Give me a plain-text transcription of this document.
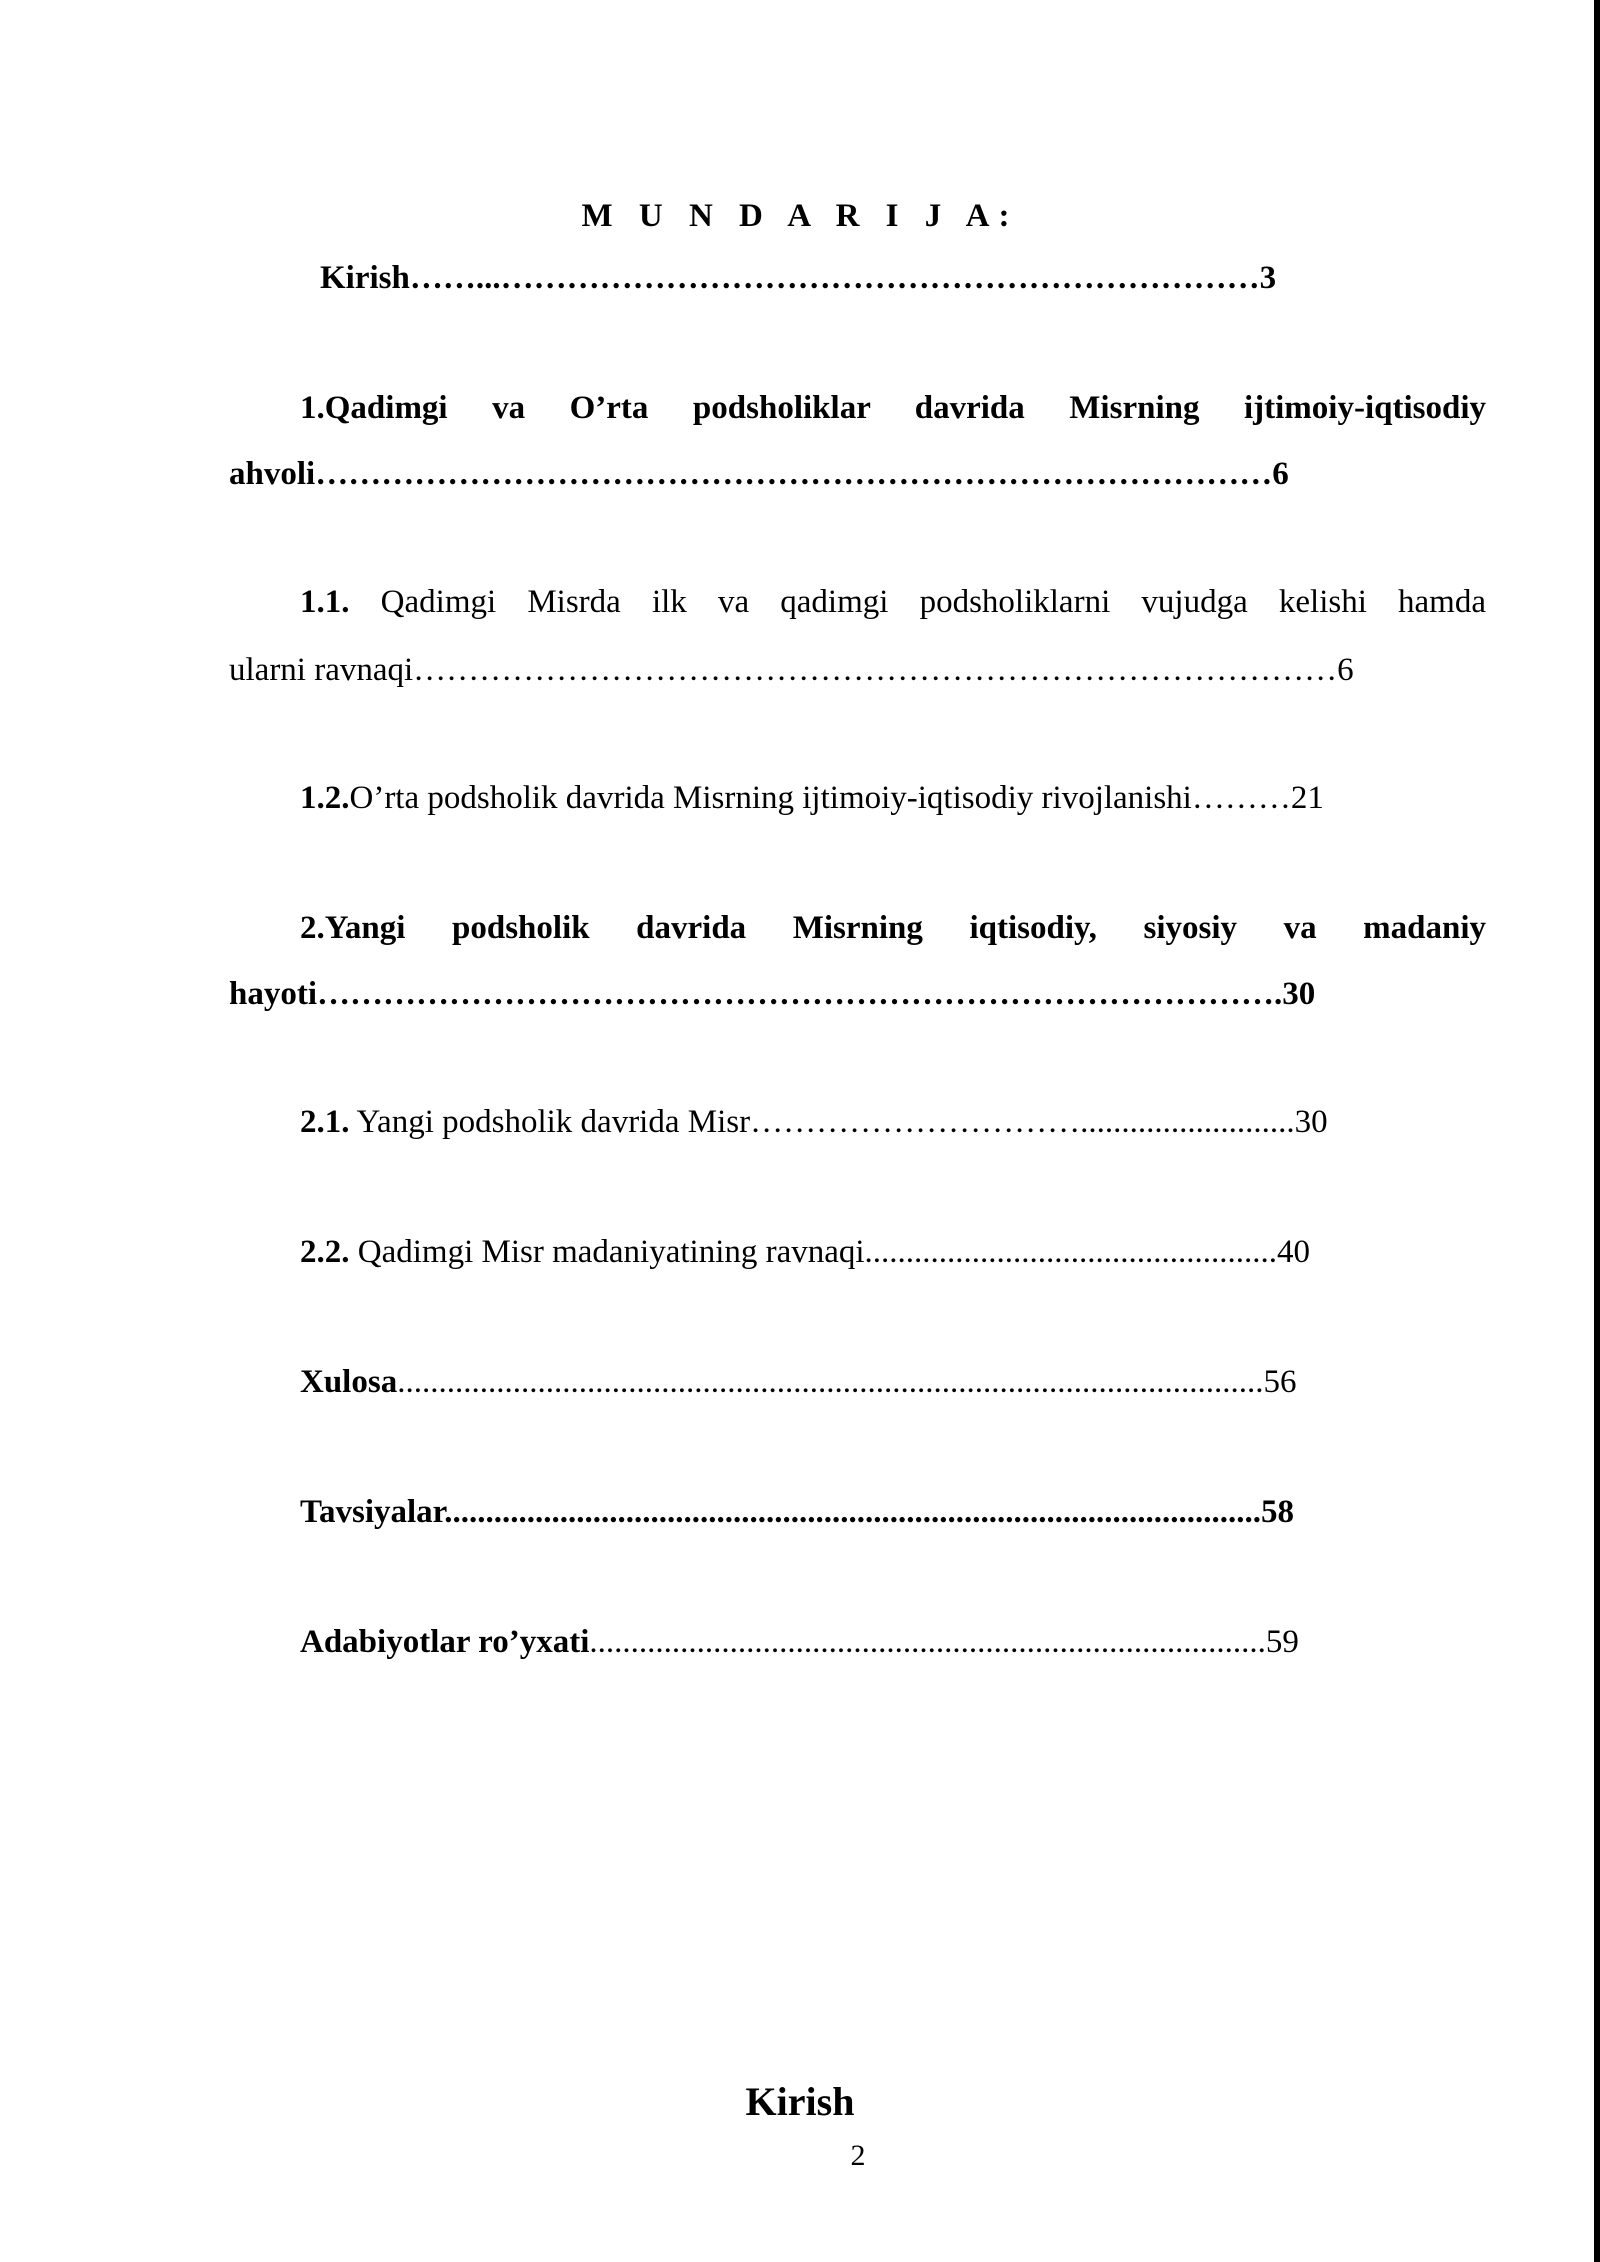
M U N D A R I J A:
Kirish……...……………………………………………………………3
1.Qadimgi va O’rta podsholiklar davrida Misrning ijtimoiy-iqtisodiy
ahvoli……………………………………………………………………………6
1.1. Qadimgi Misrda ilk va qadimgi podsholiklarni vujudga kelishi hamda
ularni ravnaqi…………………………………………………………………………6
1.2.O’rta podsholik davrida Misrning ijtimoiy-iqtisodiy rivojlanishi………21
2.Yangi podsholik davrida Misrning iqtisodiy, siyosiy va madaniy
hayoti…………………………………………………………………………….30
2.1. Yangi podsholik davrida Misr…………………………..........................30
2.2. Qadimgi Misr madaniyatining ravnaqi..................................................40
Xulosa.........................................................................................................56
Tavsiyalar...................................................................................................58
Adabiyotlar ro’yxati..................................................................................59
Kirish
2
